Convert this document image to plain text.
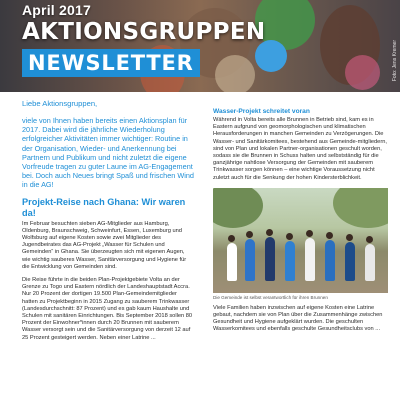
April 2017
AKTIONSGRUPPEN
NEWSLETTER	Foto: Jens Kremer

Liebe Aktionsgruppen,

viele von Ihnen haben bereits einen Aktionsplan für 2017. Dabei wird die jährliche Wiederholung erfolgreicher Aktivitäten immer wichtiger: Routine in der Organisation, Wieder- und Anerkennung bei Partnern und Publikum und nicht zuletzt die eigene Vorfreude tragen zu guter Laune im AG-Engagement bei. Doch auch Neues bringt Spaß und frischen Wind in die AG!

Projekt-Reise nach Ghana: Wir waren da!

Im Februar besuchten sieben AG-Mitglieder aus Hamburg, Oldenburg, Braunschweig, Schweinfurt, Essen, Luxemburg und Wolfsburg auf eigene Kosten sowie zwei Mitglieder des Jugendbeirates das AG-Projekt „Wasser für Schulen und Gemeinden“ in Ghana. Sie überzeugten sich mit eigenen Augen, wie wichtig sauberes Wasser, Sanitärversorgung und Hygiene für die Entwicklung von Gemeinden sind.

Die Reise führte in die beiden Plan-Projektgebiete Volta an der Grenze zu Togo und Eastern nördlich der Landeshauptstadt Accra. Nur 20 Prozent der dortigen 19.500 Plan-Gemeindemitglieder hatten zu Projektbeginn in 2015 Zugang zu sauberem Trinkwasser (Landesdurchschnitt: 87 Prozent) und es gab kaum Haushalte und Schulen mit sanitären Einrichtungen. Bis September 2018 sollen 80 Prozent der Einwohner*innen durch 20 Brunnen mit sauberem Wasser versorgt sein und die Sanitärversorgung von derzeit 12 auf 25 Prozent gesteigert werden. Neben einer Latrine ...

Wasser-Projekt schreitet voran

Während in Volta bereits alle Brunnen in Betrieb sind, kam es in Eastern aufgrund von geomorphologischen und klimatischen Herausforderungen in manchen Gemeinden zu Verzögerungen. Die Wasser- und Sanitärkomitees, bestehend aus Gemeinde-mitgliedern, sind von Plan und lokalen Partner-organisationen geschult worden, sodass sie die Brunnen in Schuss halten und selbstständig für die ganzjährige nahtlose Versorgung der Gemeinden mit sauberem Trinkwasser sorgen können – eine wichtige Voraussetzung nicht zuletzt auch für die Senkung der hohen Kindersterblichkeit.

Die Gemeinde ist selbst verantwortlich für ihren Brunnen

Viele Familien haben inzwischen auf eigene Kosten eine Latrine gebaut, nachdem sie von Plan über die Zusammenhänge zwischen Gesundheit und Hygiene aufgeklärt wurden. Die geschulten Wasserkomitees und ebenfalls geschulte Gesundheitsclubs von ...
